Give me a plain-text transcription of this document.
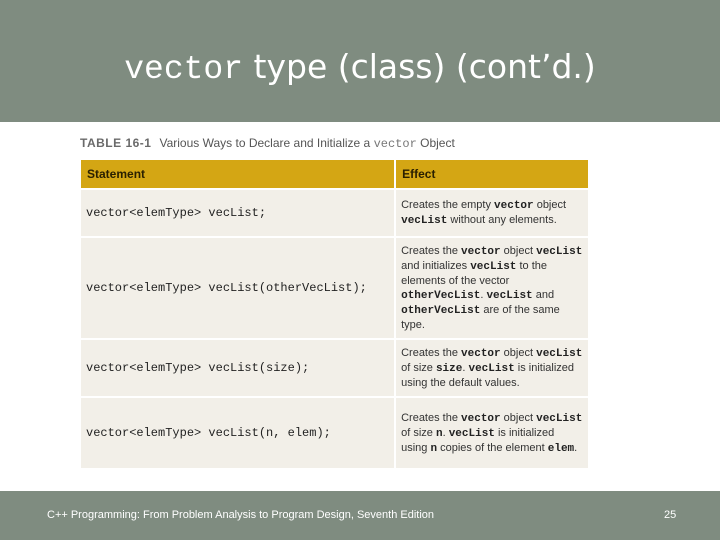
vector type (class) (cont’d.)
TABLE 16-1 Various Ways to Declare and Initialize a vector Object
Statement	Effect
vector<elemType> vecList;	Creates the empty vector object vecList without any elements.
vector<elemType> vecList(otherVecList);	Creates the vector object vecList and initializes vecList to the elements of the vector otherVecList. vecList and otherVecList are of the same type.
vector<elemType> vecList(size);	Creates the vector object vecList of size size. vecList is initialized using the default values.
vector<elemType> vecList(n, elem);	Creates the vector object vecList of size n. vecList is initialized using n copies of the element elem.
C++ Programming: From Problem Analysis to Program Design, Seventh Edition	25
